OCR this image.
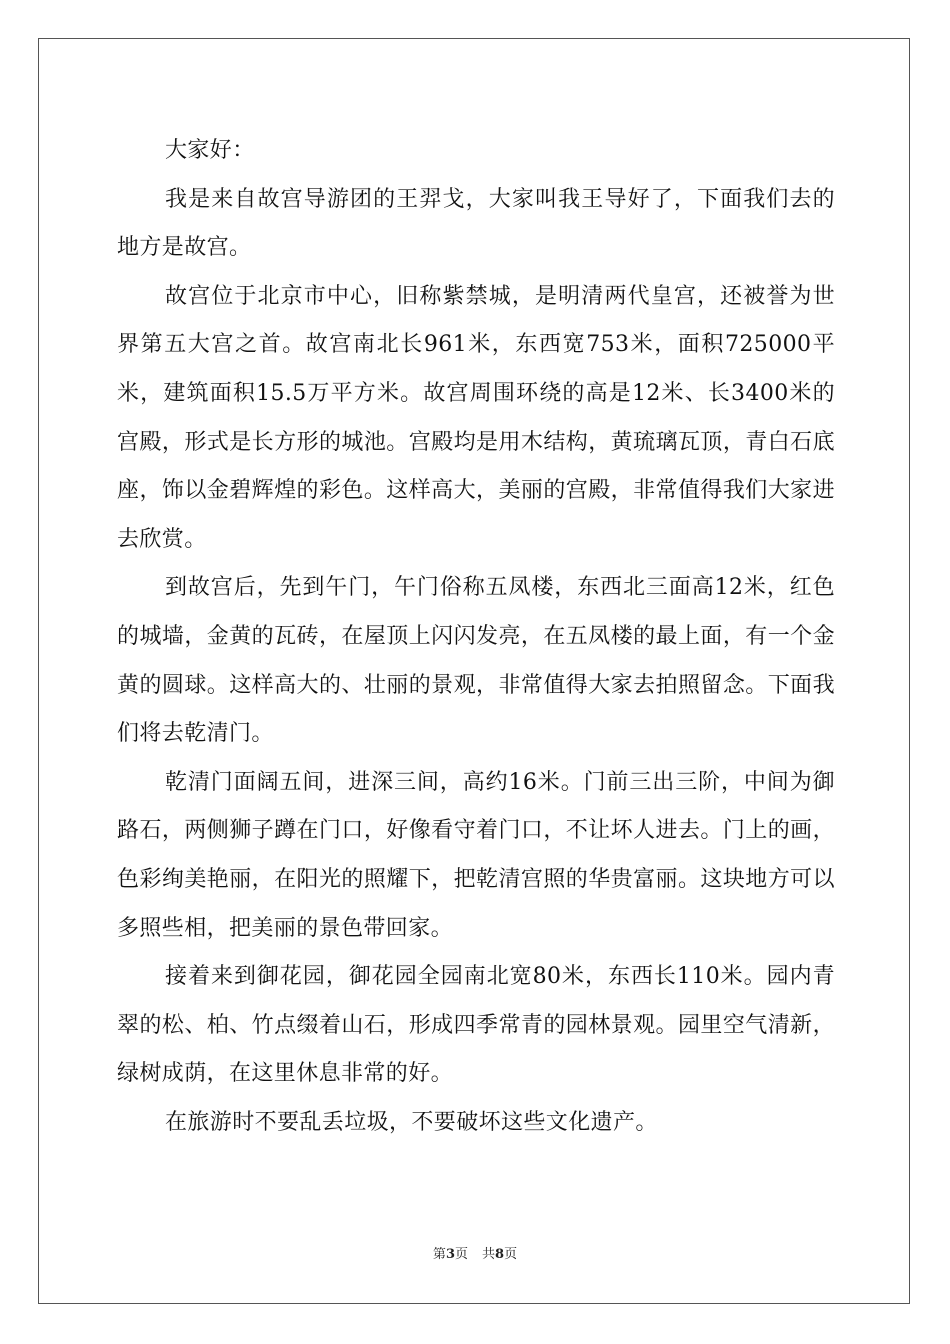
大家好：

我是来自故宫导游团的王羿戈，大家叫我王导好了，下面我们去的地方是故宫。

故宫位于北京市中心，旧称紫禁城，是明清两代皇宫，还被誉为世界第五大宫之首。故宫南北长961米，东西宽753米，面积725000平米，建筑面积15.5万平方米。故宫周围环绕的高是12米、长3400米的宫殿，形式是长方形的城池。宫殿均是用木结构，黄琉璃瓦顶，青白石底座，饰以金碧辉煌的彩色。这样高大，美丽的宫殿，非常值得我们大家进去欣赏。

到故宫后，先到午门，午门俗称五凤楼，东西北三面高12米，红色的城墙，金黄的瓦砖，在屋顶上闪闪发亮，在五凤楼的最上面，有一个金黄的圆球。这样高大的、壮丽的景观，非常值得大家去拍照留念。下面我们将去乾清门。

乾清门面阔五间，进深三间，高约16米。门前三出三阶，中间为御路石，两侧狮子蹲在门口，好像看守着门口，不让坏人进去。门上的画，色彩绚美艳丽，在阳光的照耀下，把乾清宫照的华贵富丽。这块地方可以多照些相，把美丽的景色带回家。

接着来到御花园，御花园全园南北宽80米，东西长110米。园内青翠的松、柏、竹点缀着山石，形成四季常青的园林景观。园里空气清新，绿树成荫，在这里休息非常的好。

在旅游时不要乱丢垃圾，不要破坏这些文化遗产。

第3页 共8页
